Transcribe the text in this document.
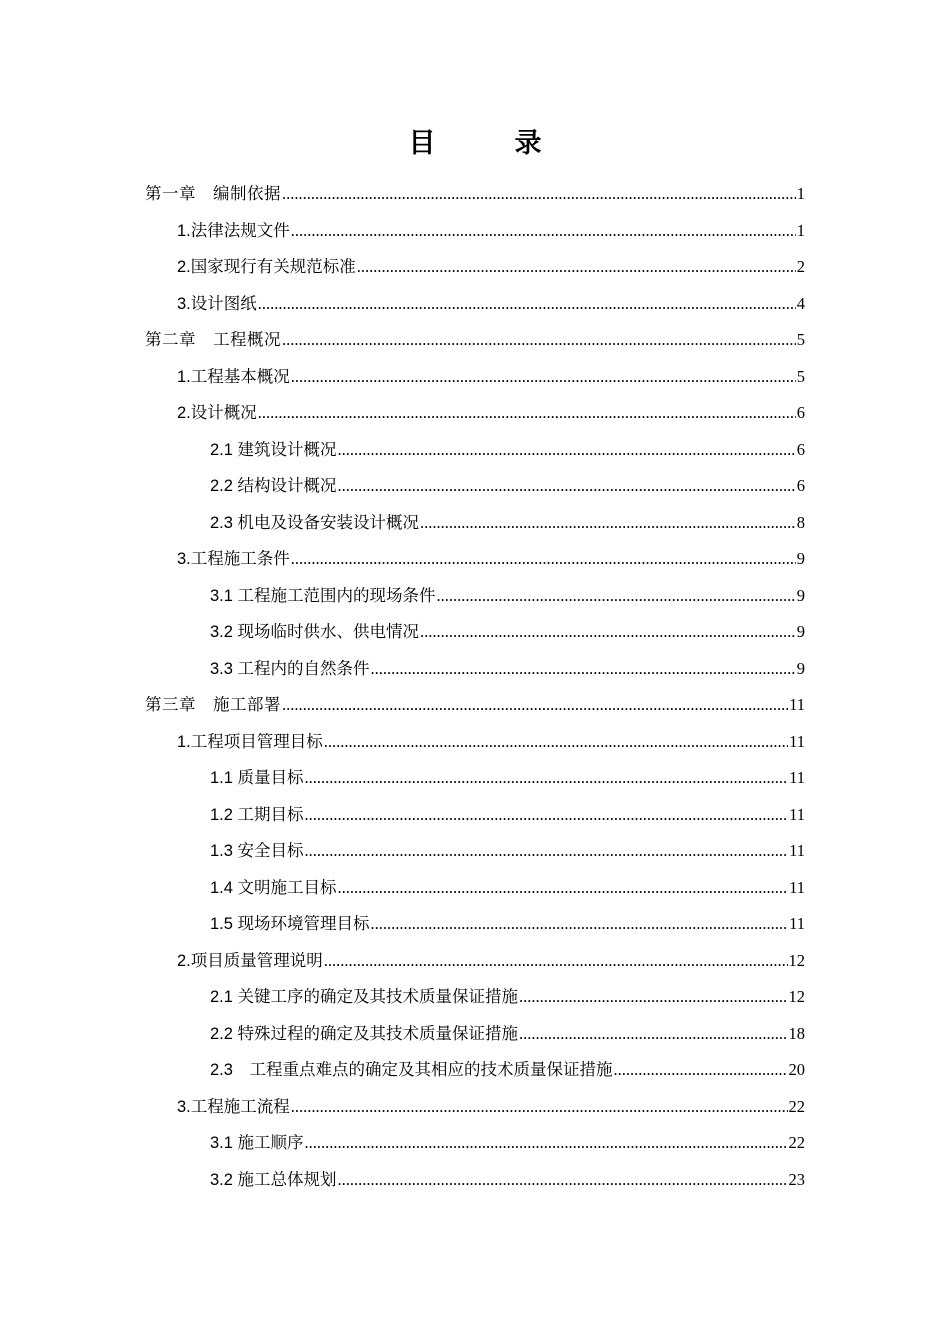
目　录
第一章　编制依据 .....	1
1.法律法规文件 .....	1
2.国家现行有关规范标准 .....	2
3.设计图纸 .....	4
第二章　工程概况 .....	5
1.工程基本概况 .....	5
2.设计概况 .....	6
2.1 建筑设计概况 .....	6
2.2 结构设计概况 .....	6
2.3 机电及设备安装设计概况 .....	8
3.工程施工条件 .....	9
3.1 工程施工范围内的现场条件 .....	9
3.2 现场临时供水、供电情况 .....	9
3.3 工程内的自然条件 .....	9
第三章　施工部署 .....	11
1.工程项目管理目标 .....	11
1.1 质量目标 .....	11
1.2 工期目标 .....	11
1.3 安全目标 .....	11
1.4 文明施工目标 .....	11
1.5 现场环境管理目标 .....	11
2.项目质量管理说明 .....	12
2.1 关键工序的确定及其技术质量保证措施 .....	12
2.2 特殊过程的确定及其技术质量保证措施 .....	18
2.3　工程重点难点的确定及其相应的技术质量保证措施 .....	20
3.工程施工流程 .....	22
3.1 施工顺序 .....	22
3.2 施工总体规划 .....	23
